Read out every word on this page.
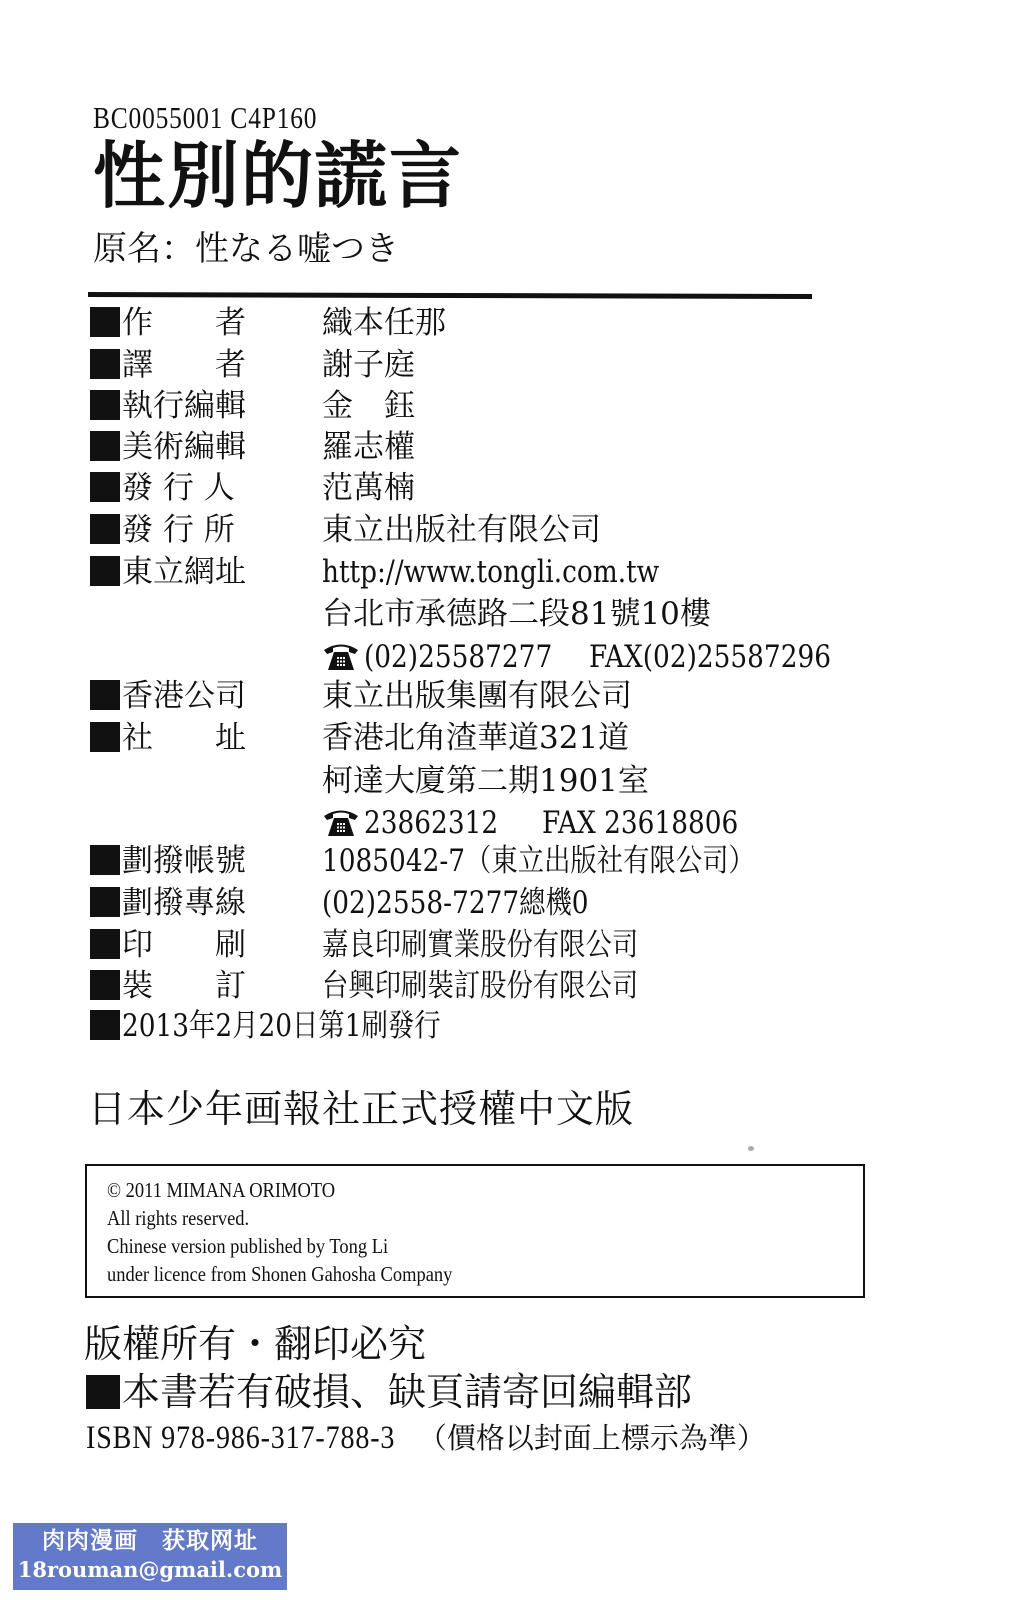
BC0055001 C4P160
性別的謊言
原名：性なる嘘つき
作　　者 織本任那
譯　　者 謝子庭
執行編輯 金　鈺
美術編輯 羅志權
發 行 人	范萬楠
發 行 所	東立出版社有限公司
東立網址 http://www.tongli.com.tw
台北市承德路二段81號10樓
(02)25587277 FAX(02)25587296
香港公司 東立出版集團有限公司
社　　址 香港北角渣華道321道
柯達大廈第二期1901室
23862312 FAX 23618806
劃撥帳號 1085042-7（東立出版社有限公司）
劃撥專線 (02)2558-7277總機0
印　　刷 嘉良印刷實業股份有限公司
裝　　訂 台興印刷裝訂股份有限公司
2013年2月20日第1刷發行
日本少年画報社正式授權中文版
© 2011 MIMANA ORIMOTO
All rights reserved.
Chinese version published by Tong Li
under licence from Shonen Gahosha Company
版權所有・翻印必究
本書若有破損、缺頁請寄回編輯部
ISBN 978-986-317-788-3 （價格以封面上標示為準）
肉肉漫画　获取网址
18rouman@gmail.com
